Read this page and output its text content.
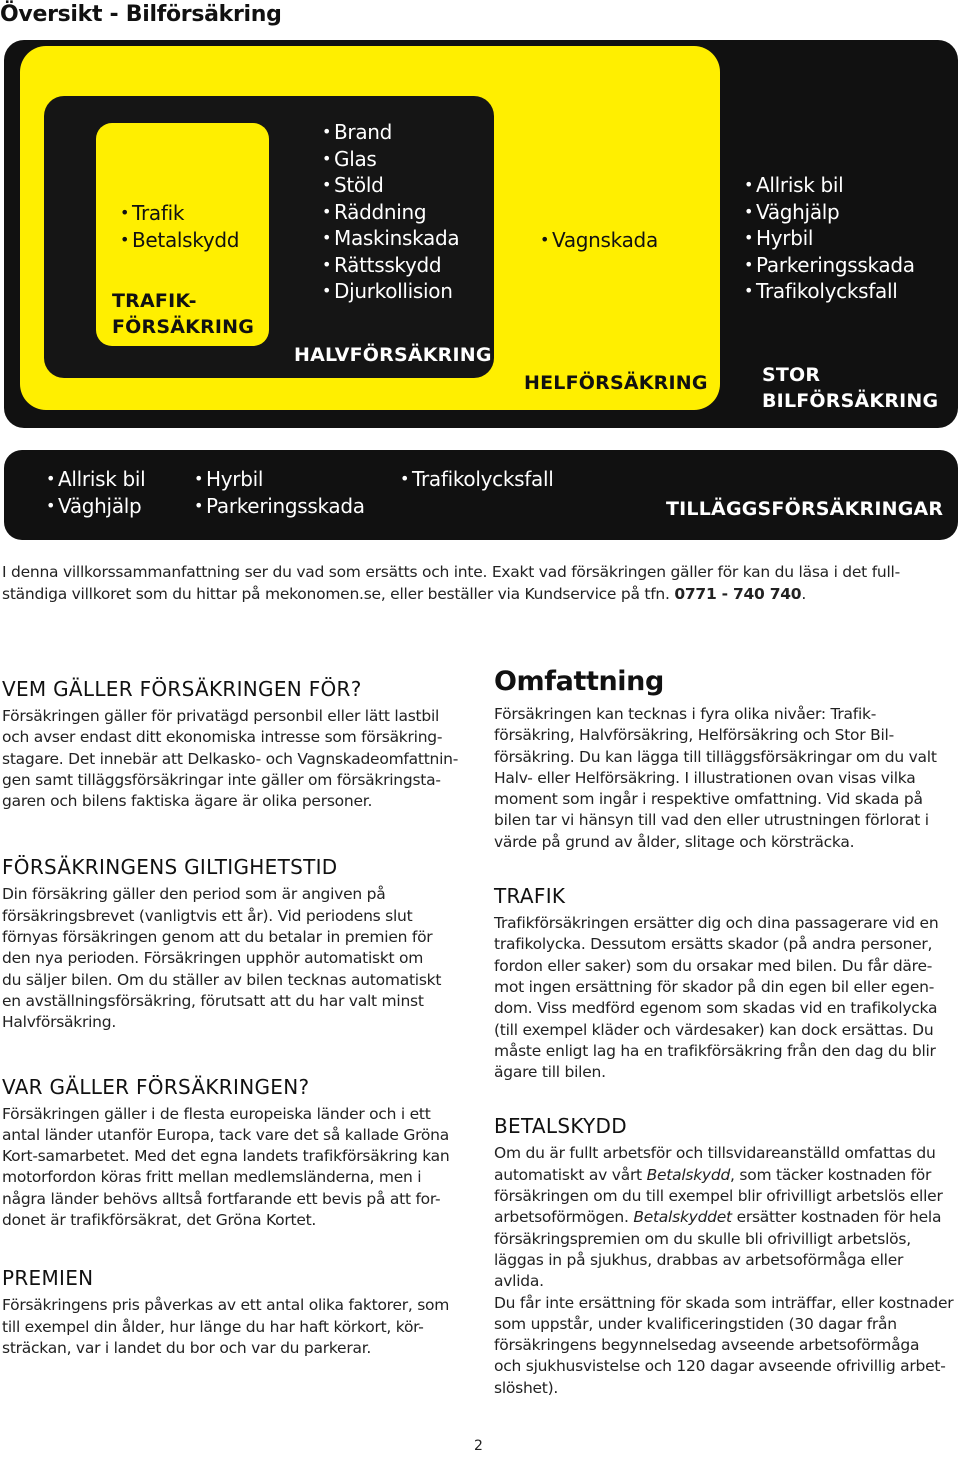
Översikt - Bilförsäkring
• Trafik
• Betalskydd
TRAFIK-
FÖRSÄKRING
• Brand
• Glas
• Stöld
• Räddning
• Maskinskada
• Rättsskydd
• Djurkollision
HALVFÖRSÄKRING
• Vagnskada
HELFÖRSÄKRING
• Allrisk bil
• Väghjälp
• Hyrbil
• Parkeringsskada
• Trafikolycksfall
STOR
BILFÖRSÄKRING
• Allrisk bil
• Väghjälp
• Hyrbil
• Parkeringsskada
• Trafikolycksfall
TILLÄGGSFÖRSÄKRINGAR
I denna villkorssammanfattning ser du vad som ersätts och inte. Exakt vad försäkringen gäller för kan du läsa i det full-
ständiga villkoret som du hittar på mekonomen.se, eller beställer via Kundservice på tfn. 0771 - 740 740.
VEM GÄLLER FÖRSÄKRINGEN FÖR?
Försäkringen gäller för privatägd personbil eller lätt lastbil
och avser endast ditt ekonomiska intresse som försäkring-
stagare. Det innebär att Delkasko- och Vagnskadeomfattnin-
gen samt tilläggsförsäkringar inte gäller om försäkringsta-
garen och bilens faktiska ägare är olika personer.
FÖRSÄKRINGENS GILTIGHETSTID
Din försäkring gäller den period som är angiven på
försäkringsbrevet (vanligtvis ett år). Vid periodens slut
förnyas försäkringen genom att du betalar in premien för
den nya perioden. Försäkringen upphör automatiskt om
du säljer bilen. Om du ställer av bilen tecknas automatiskt
en avställningsförsäkring, förutsatt att du har valt minst
Halvförsäkring.
VAR GÄLLER FÖRSÄKRINGEN?
Försäkringen gäller i de flesta europeiska länder och i ett
antal länder utanför Europa, tack vare det så kallade Gröna
Kort-samarbetet. Med det egna landets trafikförsäkring kan
motorfordon köras fritt mellan medlemsländerna, men i
några länder behövs alltså fortfarande ett bevis på att for-
donet är trafikförsäkrat, det Gröna Kortet.
PREMIEN
Försäkringens pris påverkas av ett antal olika faktorer, som
till exempel din ålder, hur länge du har haft körkort, kör-
sträckan, var i landet du bor och var du parkerar.
Omfattning
Försäkringen kan tecknas i fyra olika nivåer: Trafik-
försäkring, Halvförsäkring, Helförsäkring och Stor Bil-
försäkring. Du kan lägga till tilläggsförsäkringar om du valt
Halv- eller Helförsäkring. I illustrationen ovan visas vilka
moment som ingår i respektive omfattning. Vid skada på
bilen tar vi hänsyn till vad den eller utrustningen förlorat i
värde på grund av ålder, slitage och körsträcka.
TRAFIK
Trafikförsäkringen ersätter dig och dina passagerare vid en
trafikolycka. Dessutom ersätts skador (på andra personer,
fordon eller saker) som du orsakar med bilen. Du får däre-
mot ingen ersättning för skador på din egen bil eller egen-
dom. Viss medförd egenom som skadas vid en trafikolycka
(till exempel kläder och värdesaker) kan dock ersättas. Du
måste enligt lag ha en trafikförsäkring från den dag du blir
ägare till bilen.
BETALSKYDD
Om du är fullt arbetsför och tillsvidareanställd omfattas du
automatiskt av vårt Betalskydd, som täcker kostnaden för
försäkringen om du till exempel blir ofrivilligt arbetslös eller
arbetsoförmögen. Betalskyddet ersätter kostnaden för hela
försäkringspremien om du skulle bli ofrivilligt arbetslös,
läggas in på sjukhus, drabbas av arbetsoförmåga eller avlida.
Du får inte ersättning för skada som inträffar, eller kostnader
som uppstår, under kvalificeringstiden (30 dagar från
försäkringens begynnelsedag avseende arbetsoförmåga
och sjukhusvistelse och 120 dagar avseende ofrivillig arbet-
slöshet).
2
